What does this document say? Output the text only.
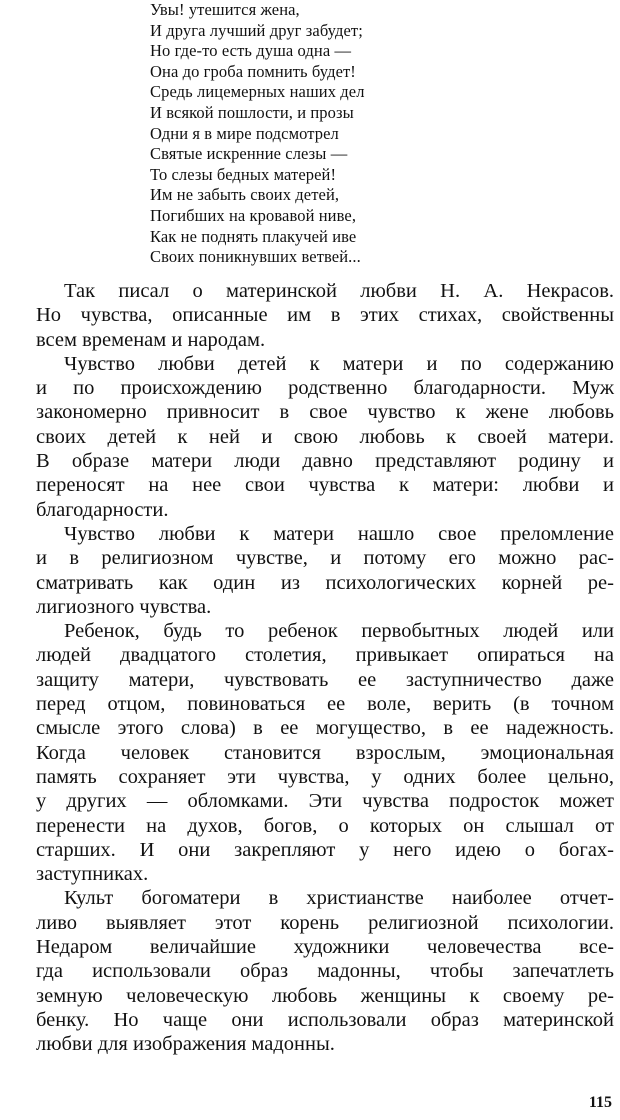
Увы! утешится жена,
И друга лучший друг забудет;
Но где-то есть душа одна —
Она до гроба помнить будет!
Средь лицемерных наших дел
И всякой пошлости, и прозы
Одни я в мире подсмотрел
Святые искренние слезы —
То слезы бедных матерей!
Им не забыть своих детей,
Погибших на кровавой ниве,
Как не поднять плакучей иве
Своих поникнувших ветвей...
Так писал о материнской любви Н. А. Некрасов.
Но чувства, описанные им в этих стихах, свойственны
всем временам и народам.
Чувство любви детей к матери и по содержанию
и по происхождению родственно благодарности. Муж
закономерно привносит в свое чувство к жене любовь
своих детей к ней и свою любовь к своей матери.
В образе матери люди давно представляют родину и
переносят на нее свои чувства к матери: любви и
благодарности.
Чувство любви к матери нашло свое преломление
и в религиозном чувстве, и потому его можно рас-
сматривать как один из психологических корней ре-
лигиозного чувства.
Ребенок, будь то ребенок первобытных людей или
людей двадцатого столетия, привыкает опираться на
защиту матери, чувствовать ее заступничество даже
перед отцом, повиноваться ее воле, верить (в точном
смысле этого слова) в ее могущество, в ее надежность.
Когда человек становится взрослым, эмоциональная
память сохраняет эти чувства, у одних более цельно,
у других — обломками. Эти чувства подросток может
перенести на духов, богов, о которых он слышал от
старших. И они закрепляют у него идею о богах-
заступниках.
Культ богоматери в христианстве наиболее отчет-
ливо выявляет этот корень религиозной психологии.
Недаром величайшие художники человечества все-
гда использовали образ мадонны, чтобы запечатлеть
земную человеческую любовь женщины к своему ре-
бенку. Но чаще они использовали образ материнской
любви для изображения мадонны.
115
